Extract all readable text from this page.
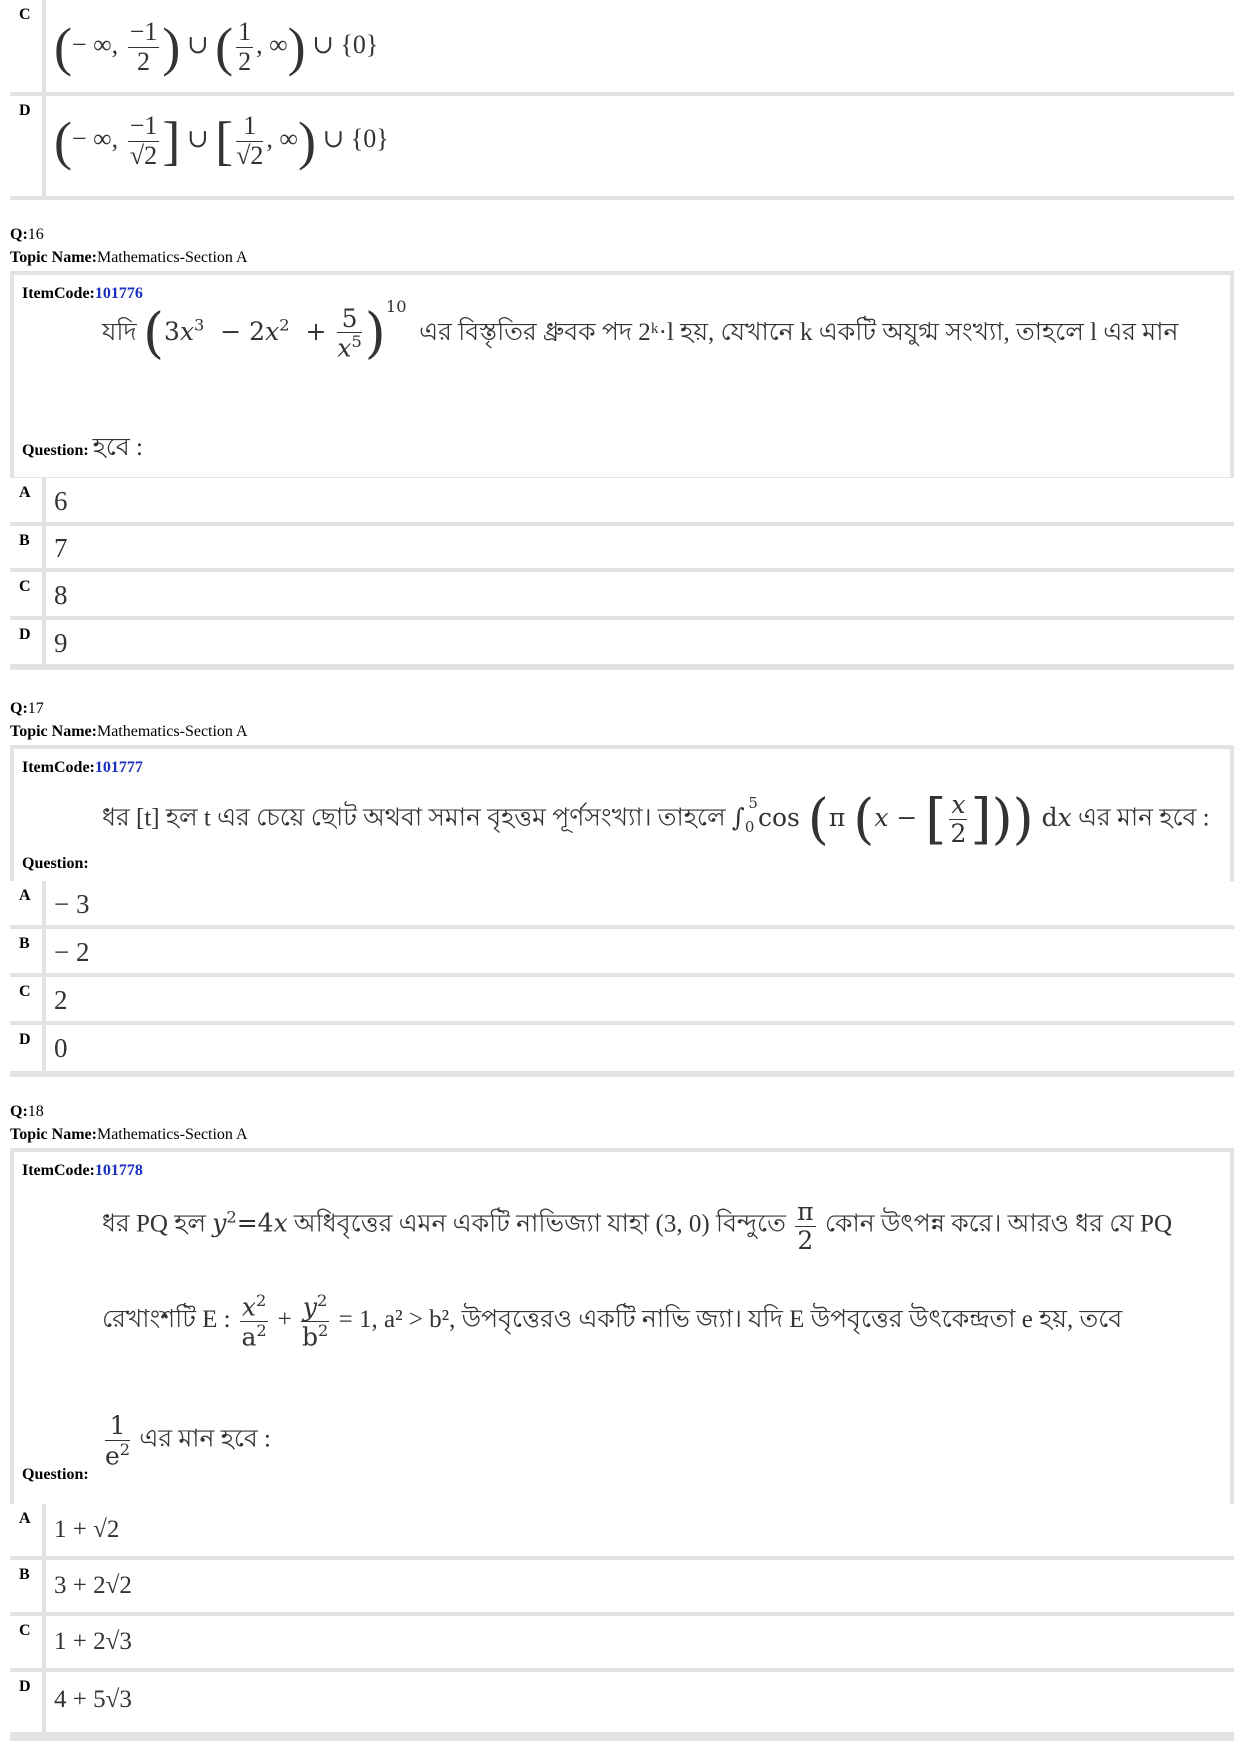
C
(− ∞, $\frac{-1}{2}$ ) ∪ ( $\frac{1}{2}$ , ∞) ∪ {0}
D
(− ∞, $\frac{-1}{√2}$ ] ∪ [ $\frac{1}{√2}$ , ∞) ∪ {0}
Q:16
Topic Name:Mathematics-Section A
ItemCode:101776
যদি $(3x^3 - 2x^2 + \frac{5}{x^5} )^{10}$  এর বিস্তৃতির ধ্রুবক পদ 2ᵏ·l হয়, যেখানে k একটি অযুগ্ম সংখ্যা, তাহলে l এর মান
Question: হবে :
A 6
B 7
C 8
D 9
Q:17
Topic Name:Mathematics-Section A
ItemCode:101777
ধর [t] হল t এর চেয়ে ছোট অথবা সমান বৃহত্তম পূর্ণসংখ্যা। তাহলে $\int_0^5\cos$ (π (x − [ $\frac{x}{2}$ ])) dx এর মান হবে :
Question:
A − 3
B − 2
C 2
D 0
Q:18
Topic Name:Mathematics-Section A
ItemCode:101778
ধর PQ হল $y^2=4x$ অধিবৃত্তের এমন একটি নাভিজ্যা যাহা (3, 0) বিন্দুতে $\frac{\pi}{2}$ কোন উৎপন্ন করে। আরও ধর যে PQ
রেখাংশটি E : $\frac{x^2}{a^2} + \frac{y^2}{b^2} = 1$, a² > b², উপবৃত্তেরও একটি নাভি জ্যা। যদি E উপবৃত্তের উৎকেন্দ্রতা e হয়, তবে
$\frac{1}{e^2}$ এর মান হবে :
Question:
A 1 + √2
B 3 + 2√2
C 1 + 2√3
D 4 + 5√3
